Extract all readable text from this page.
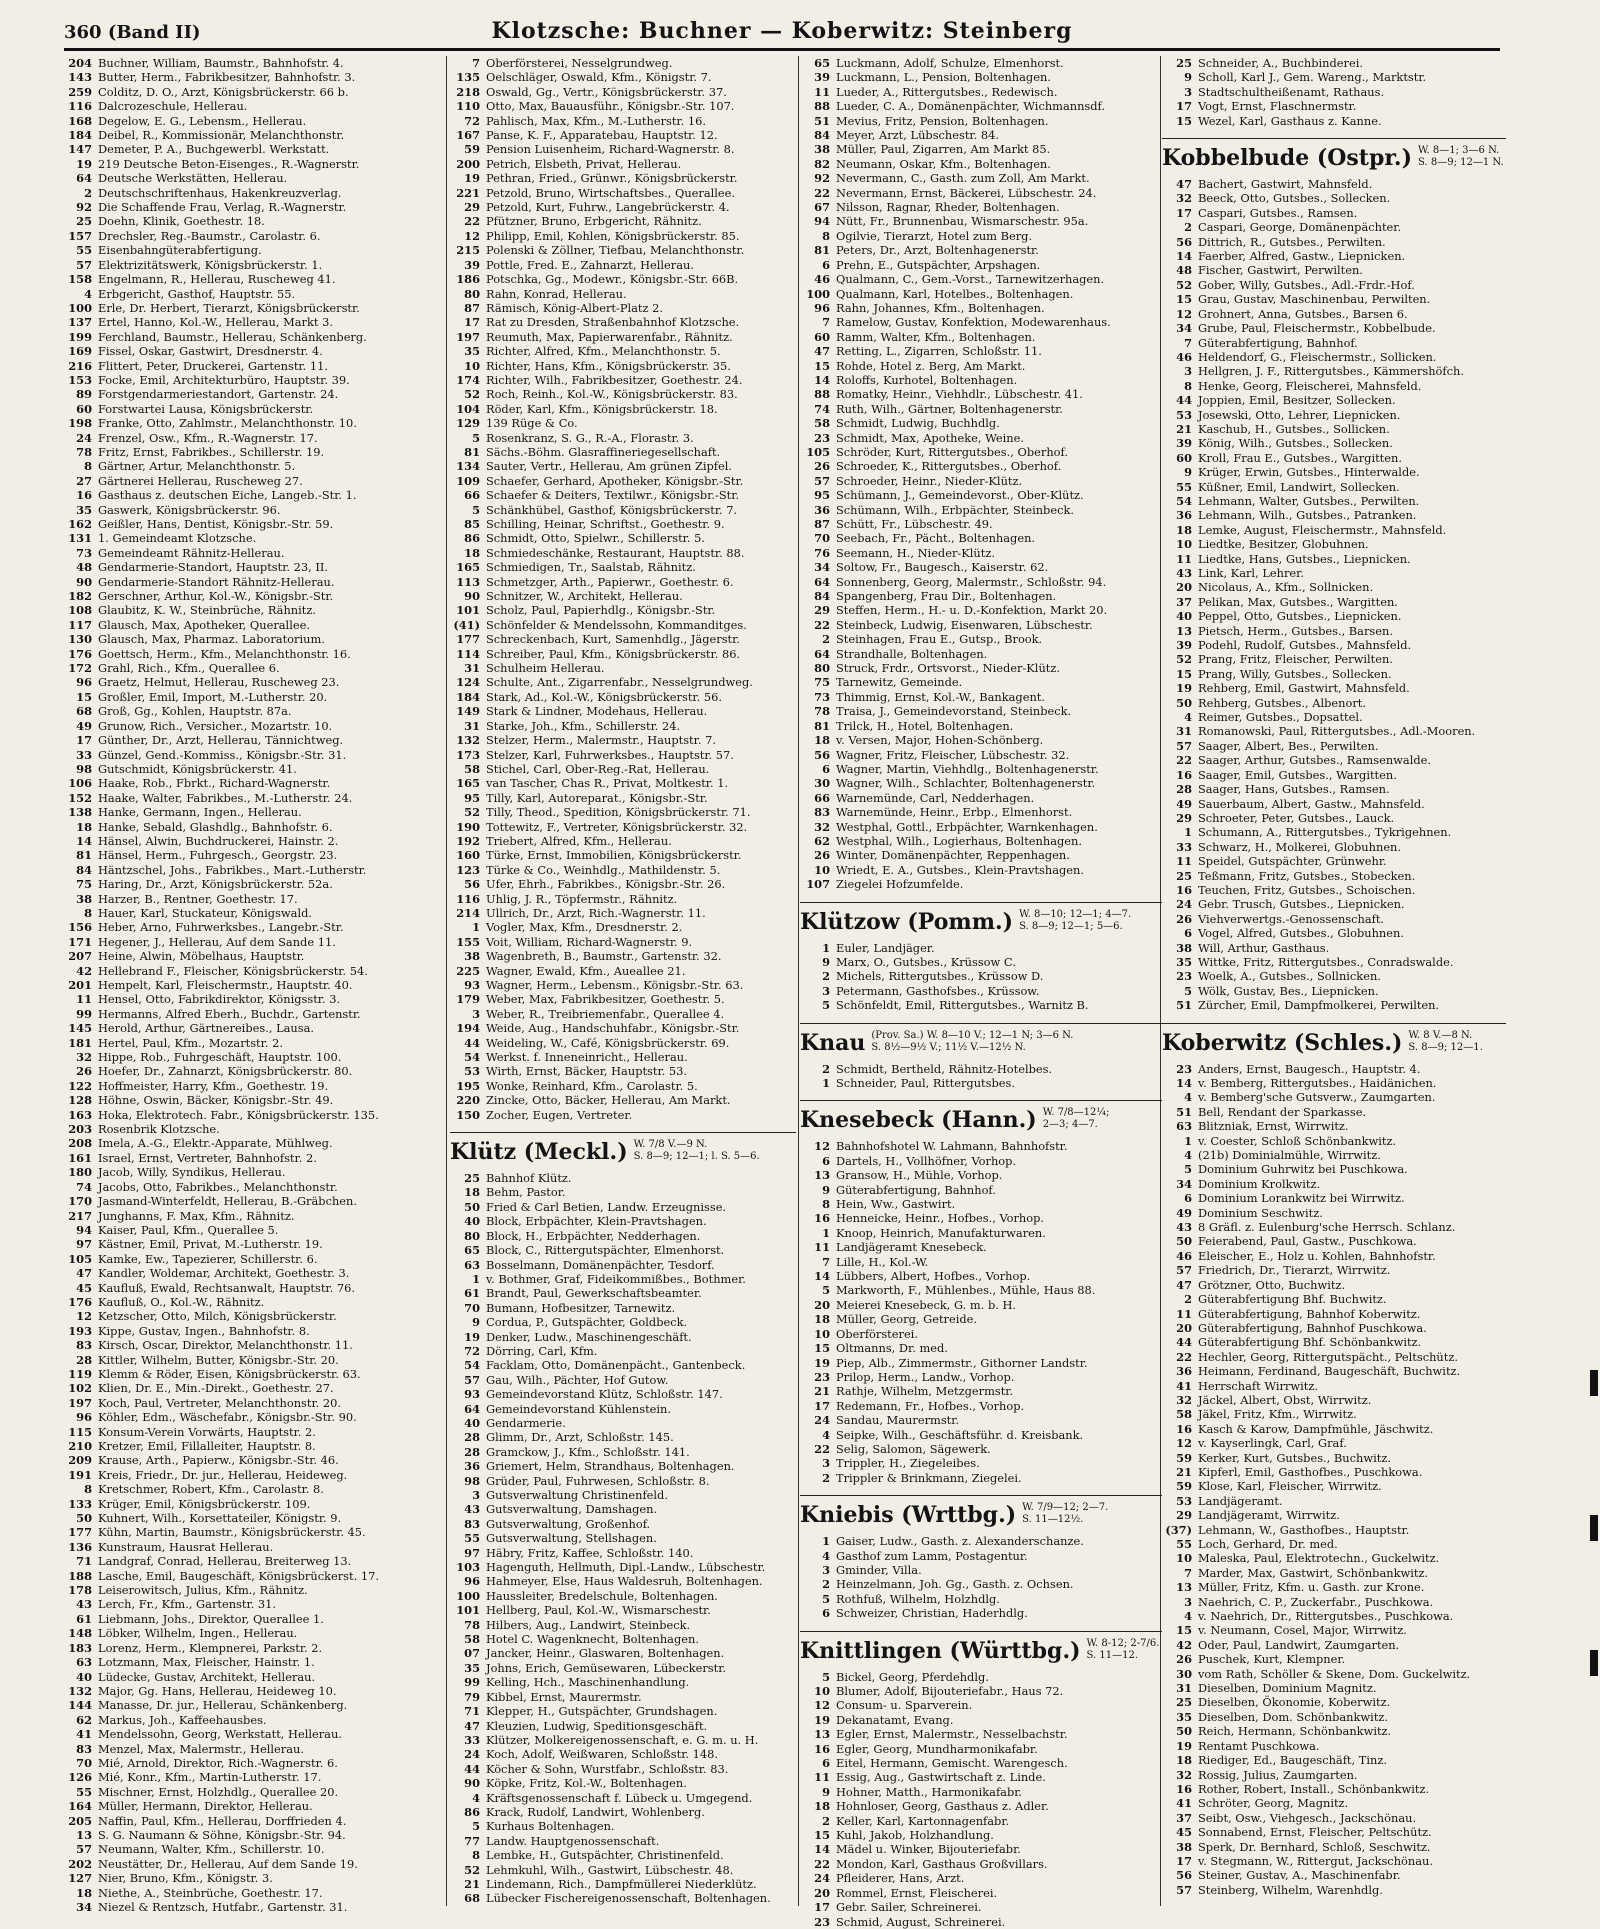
360 (Band II)	Klotzsche: Buchner — Koberwitz: Steinberg
204 Buchner, William, Baumstr., Bahnhofstr. 4.
143 Butter, Herm., Fabrikbesitzer, Bahnhofstr. 3.
259 Colditz, D. O., Arzt, Königsbrückerstr. 66 b.
116 Dalcrozeschule, Hellerau.
168 Degelow, E. G., Lebensm., Hellerau.
184 Deibel, R., Kommissionär, Melanchthonstr.
147 Demeter, P. A., Buchgewerbl. Werkstatt.
19 219 Deutsche Beton-Eisenges., R.-Wagnerstr.
64 Deutsche Werkstätten, Hellerau.
2 Deutschschriftenhaus, Hakenkreuzverlag.
92 Die Schaffende Frau, Verlag, R.-Wagnerstr.
25 Doehn, Klinik, Goethestr. 18.
157 Drechsler, Reg.-Baumstr., Carolastr. 6.
55 Eisenbahngüterabfertigung.
57 Elektrizitätswerk, Königsbrückerstr. 1.
158 Engelmann, R., Hellerau, Ruscheweg 41.
4 Erbgericht, Gasthof, Hauptstr. 55.
100 Erle, Dr. Herbert, Tierarzt, Königsbrückerstr.
137 Ertel, Hanno, Kol.-W., Hellerau, Markt 3.
199 Ferchland, Baumstr., Hellerau, Schänkenberg.
169 Fissel, Oskar, Gastwirt, Dresdnerstr. 4.
216 Flittert, Peter, Druckerei, Gartenstr. 11.
153 Focke, Emil, Architekturbüro, Hauptstr. 39.
89 Forstgendarmeriestandort, Gartenstr. 24.
60 Forstwartei Lausa, Königsbrückerstr.
198 Franke, Otto, Zahlmstr., Melanchthonstr. 10.
24 Frenzel, Osw., Kfm., R.-Wagnerstr. 17.
78 Fritz, Ernst, Fabrikbes., Schillerstr. 19.
8 Gärtner, Artur, Melanchthonstr. 5.
27 Gärtnerei Hellerau, Ruscheweg 27.
16 Gasthaus z. deutschen Eiche, Langeb.-Str. 1.
35 Gaswerk, Königsbrückerstr. 96.
162 Geißler, Hans, Dentist, Königsbr.-Str. 59.
131 1. Gemeindeamt Klotzsche.
73 Gemeindeamt Rähnitz-Hellerau.
48 Gendarmerie-Standort, Hauptstr. 23, II.
90 Gendarmerie-Standort Rähnitz-Hellerau.
182 Gerschner, Arthur, Kol.-W., Königsbr.-Str.
108 Glaubitz, K. W., Steinbrüche, Rähnitz.
117 Glausch, Max, Apotheker, Querallee.
130 Glausch, Max, Pharmaz. Laboratorium.
176 Goettsch, Herm., Kfm., Melanchthonstr. 16.
172 Grahl, Rich., Kfm., Querallee 6.
96 Graetz, Helmut, Hellerau, Ruscheweg 23.
15 Großler, Emil, Import, M.-Lutherstr. 20.
68 Groß, Gg., Kohlen, Hauptstr. 87a.
49 Grunow, Rich., Versicher., Mozartstr. 10.
17 Günther, Dr., Arzt, Hellerau, Tännichtweg.
33 Günzel, Gend.-Kommiss., Königsbr.-Str. 31.
98 Gutschmidt, Königsbrückerstr. 41.
106 Haake, Rob., Fbrkt., Richard-Wagnerstr.
152 Haake, Walter, Fabrikbes., M.-Lutherstr. 24.
138 Hanke, Germann, Ingen., Hellerau.
18 Hanke, Sebald, Glashdlg., Bahnhofstr. 6.
14 Hänsel, Alwin, Buchdruckerei, Hainstr. 2.
81 Hänsel, Herm., Fuhrgesch., Georgstr. 23.
84 Häntzschel, Johs., Fabrikbes., Mart.-Lutherstr.
75 Haring, Dr., Arzt, Königsbrückerstr. 52a.
38 Harzer, B., Rentner, Goethestr. 17.
8 Hauer, Karl, Stuckateur, Königswald.
156 Heber, Arno, Fuhrwerksbes., Langebr.-Str.
171 Hegener, J., Hellerau, Auf dem Sande 11.
207 Heine, Alwin, Möbelhaus, Hauptstr.
42 Hellebrand F., Fleischer, Königsbrückerstr. 54.
201 Hempelt, Karl, Fleischermstr., Hauptstr. 40.
11 Hensel, Otto, Fabrikdirektor, Königsstr. 3.
99 Hermanns, Alfred Eberh., Buchdr., Gartenstr.
145 Herold, Arthur, Gärtnereibes., Lausa.
181 Hertel, Paul, Kfm., Mozartstr. 2.
32 Hippe, Rob., Fuhrgeschäft, Hauptstr. 100.
26 Hoefer, Dr., Zahnarzt, Königsbrückerstr. 80.
122 Hoffmeister, Harry, Kfm., Goethestr. 19.
128 Höhne, Oswin, Bäcker, Königsbr.-Str. 49.
163 Hoka, Elektrotech. Fabr., Königsbrückerstr. 135.
203 Rosenbrik Klotzsche.
208 Imela, A.-G., Elektr.-Apparate, Mühlweg.
161 Israel, Ernst, Vertreter, Bahnhofstr. 2.
180 Jacob, Willy, Syndikus, Hellerau.
74 Jacobs, Otto, Fabrikbes., Melanchthonstr.
170 Jasmand-Winterfeldt, Hellerau, B.-Gräbchen.
217 Junghanns, F. Max, Kfm., Rähnitz.
94 Kaiser, Paul, Kfm., Querallee 5.
97 Kästner, Emil, Privat, M.-Lutherstr. 19.
105 Kamke, Ew., Tapezierer, Schillerstr. 6.
47 Kandler, Woldemar, Architekt, Goethestr. 3.
45 Kaufluß, Ewald, Rechtsanwalt, Hauptstr. 76.
176 Kaufluß, O., Kol.-W., Rähnitz.
12 Ketzscher, Otto, Milch, Königsbrückerstr.
193 Kippe, Gustav, Ingen., Bahnhofstr. 8.
83 Kirsch, Oscar, Direktor, Melanchthonstr. 11.
28 Kittler, Wilhelm, Butter, Königsbr.-Str. 20.
119 Klemm & Röder, Eisen, Königsbrückerstr. 63.
102 Klien, Dr. E., Min.-Direkt., Goethestr. 27.
197 Koch, Paul, Vertreter, Melanchthonstr. 20.
96 Köhler, Edm., Wäschefabr., Königsbr.-Str. 90.
115 Konsum-Verein Vorwärts, Hauptstr. 2.
210 Kretzer, Emil, Fillalleiter, Hauptstr. 8.
209 Krause, Arth., Papierw., Königsbr.-Str. 46.
191 Kreis, Friedr., Dr. jur., Hellerau, Heideweg.
8 Kretschmer, Robert, Kfm., Carolastr. 8.
133 Krüger, Emil, Königsbrückerstr. 109.
50 Kuhnert, Wilh., Korsettateiler, Königstr. 9.
177 Kühn, Martin, Baumstr., Königsbrückerstr. 45.
136 Kunstraum, Hausrat Hellerau.
71 Landgraf, Conrad, Hellerau, Breiterweg 13.
188 Lasche, Emil, Baugeschäft, Königsbrückerst. 17.
178 Leiserowitsch, Julius, Kfm., Rähnitz.
43 Lerch, Fr., Kfm., Gartenstr. 31.
61 Liebmann, Johs., Direktor, Querallee 1.
148 Löbker, Wilhelm, Ingen., Hellerau.
183 Lorenz, Herm., Klempnerei, Parkstr. 2.
63 Lotzmann, Max, Fleischer, Hainstr. 1.
40 Lüdecke, Gustav, Architekt, Hellerau.
132 Major, Gg. Hans, Hellerau, Heideweg 10.
144 Manasse, Dr. jur., Hellerau, Schänkenberg.
62 Markus, Joh., Kaffeehausbes.
41 Mendelssohn, Georg, Werkstatt, Hellerau.
83 Menzel, Max, Malermstr., Hellerau.
70 Mié, Arnold, Direktor, Rich.-Wagnerstr. 6.
126 Mié, Konr., Kfm., Martin-Lutherstr. 17.
55 Mischner, Ernst, Holzhdlg., Querallee 20.
164 Müller, Hermann, Direktor, Hellerau.
205 Naffin, Paul, Kfm., Hellerau, Dorffrieden 4.
13 S. G. Naumann & Söhne, Königsbr.-Str. 94.
57 Neumann, Walter, Kfm., Schillerstr. 10.
202 Neustätter, Dr., Hellerau, Auf dem Sande 19.
127 Nier, Bruno, Kfm., Königstr. 3.
18 Niethe, A., Steinbrüche, Goethestr. 17.
34 Niezel & Rentzsch, Hutfabr., Gartenstr. 31.
7 Oberförsterei, Nesselgrundweg.
135 Oelschläger, Oswald, Kfm., Königstr. 7.
218 Oswald, Gg., Vertr., Königsbrückerstr. 37.
110 Otto, Max, Bauausführ., Königsbr.-Str. 107.
72 Pahlisch, Max, Kfm., M.-Lutherstr. 16.
167 Panse, K. F., Apparatebau, Hauptstr. 12.
59 Pension Luisenheim, Richard-Wagnerstr. 8.
200 Petrich, Elsbeth, Privat, Hellerau.
19 Pethran, Fried., Grünwr., Königsbrückerstr.
221 Petzold, Bruno, Wirtschaftsbes., Querallee.
29 Petzold, Kurt, Fuhrw., Langebrückerstr. 4.
22 Pfützner, Bruno, Erbgericht, Rähnitz.
12 Philipp, Emil, Kohlen, Königsbrückerstr. 85.
215 Polenski & Zöllner, Tiefbau, Melanchthonstr.
39 Pottle, Fred. E., Zahnarzt, Hellerau.
186 Potschka, Gg., Modewr., Königsbr.-Str. 66B.
80 Rahn, Konrad, Hellerau.
87 Rämisch, König-Albert-Platz 2.
17 Rat zu Dresden, Straßenbahnhof Klotzsche.
197 Reumuth, Max, Papierwarenfabr., Rähnitz.
35 Richter, Alfred, Kfm., Melanchthonstr. 5.
10 Richter, Hans, Kfm., Königsbrückerstr. 35.
174 Richter, Wilh., Fabrikbesitzer, Goethestr. 24.
52 Roch, Reinh., Kol.-W., Königsbrückerstr. 83.
104 Röder, Karl, Kfm., Königsbrückerstr. 18.
129 139 Rüge & Co.
5 Rosenkranz, S. G., R.-A., Florastr. 3.
81 Sächs.-Böhm. Glasraffineriegesellschaft.
134 Sauter, Vertr., Hellerau, Am grünen Zipfel.
109 Schaefer, Gerhard, Apotheker, Königsbr.-Str.
66 Schaefer & Deiters, Textilwr., Königsbr.-Str.
5 Schänkhübel, Gasthof, Königsbrückerstr. 7.
85 Schilling, Heinar, Schriftst., Goethestr. 9.
86 Schmidt, Otto, Spielwr., Schillerstr. 5.
18 Schmiedeschänke, Restaurant, Hauptstr. 88.
165 Schmiedigen, Tr., Saalstab, Rähnitz.
113 Schmetzger, Arth., Papierwr., Goethestr. 6.
90 Schnitzer, W., Architekt, Hellerau.
101 Scholz, Paul, Papierhdlg., Königsbr.-Str.
(41) Schönfelder & Mendelssohn, Kommanditges.
177 Schreckenbach, Kurt, Samenhdlg., Jägerstr.
114 Schreiber, Paul, Kfm., Königsbrückerstr. 86.
31 Schulheim Hellerau.
124 Schulte, Ant., Zigarrenfabr., Nesselgrundweg.
184 Stark, Ad., Kol.-W., Königsbrückerstr. 56.
149 Stark & Lindner, Modehaus, Hellerau.
31 Starke, Joh., Kfm., Schillerstr. 24.
132 Stelzer, Herm., Malermstr., Hauptstr. 7.
173 Stelzer, Karl, Fuhrwerksbes., Hauptstr. 57.
58 Stichel, Carl, Ober-Reg.-Rat, Hellerau.
165 van Tascher, Chas R., Privat, Moltkestr. 1.
95 Tilly, Karl, Autoreparat., Königsbr.-Str.
52 Tilly, Theod., Spedition, Königsbrückerstr. 71.
190 Tottewitz, F., Vertreter, Königsbrückerstr. 32.
192 Triebert, Alfred, Kfm., Hellerau.
160 Türke, Ernst, Immobilien, Königsbrückerstr.
123 Türke & Co., Weinhdlg., Mathildenstr. 5.
56 Ufer, Ehrh., Fabrikbes., Königsbr.-Str. 26.
116 Uhlig, J. R., Töpfermstr., Rähnitz.
214 Ullrich, Dr., Arzt, Rich.-Wagnerstr. 11.
1 Vogler, Max, Kfm., Dresdnerstr. 2.
155 Voit, William, Richard-Wagnerstr. 9.
38 Wagenbreth, B., Baumstr., Gartenstr. 32.
225 Wagner, Ewald, Kfm., Aueallee 21.
93 Wagner, Herm., Lebensm., Königsbr.-Str. 63.
179 Weber, Max, Fabrikbesitzer, Goethestr. 5.
3 Weber, R., Treibriemenfabr., Querallee 4.
194 Weide, Aug., Handschuhfabr., Königsbr.-Str.
44 Weideling, W., Café, Königsbrückerstr. 69.
54 Werkst. f. Inneneinricht., Hellerau.
53 Wirth, Ernst, Bäcker, Hauptstr. 53.
195 Wonke, Reinhard, Kfm., Carolastr. 5.
220 Zincke, Otto, Bäcker, Hellerau, Am Markt.
150 Zocher, Eugen, Vertreter.
Klütz (Meckl.) W. 7/8 V.—9 N.
S. 8—9; 12—1; l. S. 5—6.
25 Bahnhof Klütz.
18 Behm, Pastor.
50 Fried & Carl Betien, Landw. Erzeugnisse.
40 Block, Erbpächter, Klein-Pravtshagen.
80 Block, H., Erbpächter, Nedderhagen.
65 Block, C., Rittergutspächter, Elmenhorst.
63 Bosselmann, Domänenpächter, Tesdorf.
1 v. Bothmer, Graf, Fideikommißbes., Bothmer.
61 Brandt, Paul, Gewerkschaftsbeamter.
70 Bumann, Hofbesitzer, Tarnewitz.
9 Cordua, P., Gutspächter, Goldbeck.
19 Denker, Ludw., Maschinengeschäft.
72 Dörring, Carl, Kfm.
54 Facklam, Otto, Domänenpächt., Gantenbeck.
57 Gau, Wilh., Pächter, Hof Gutow.
93 Gemeindevorstand Klütz, Schloßstr. 147.
64 Gemeindevorstand Kühlenstein.
40 Gendarmerie.
28 Glimm, Dr., Arzt, Schloßstr. 145.
28 Gramckow, J., Kfm., Schloßstr. 141.
36 Griemert, Helm, Strandhaus, Boltenhagen.
98 Grüder, Paul, Fuhrwesen, Schloßstr. 8.
3 Gutsverwaltung Christinenfeld.
43 Gutsverwaltung, Damshagen.
83 Gutsverwaltung, Großenhof.
55 Gutsverwaltung, Stellshagen.
97 Häbry, Fritz, Kaffee, Schloßstr. 140.
103 Hagenguth, Hellmuth, Dipl.-Landw., Lübschestr.
96 Hahmeyer, Else, Haus Waldesruh, Boltenhagen.
100 Haussleiter, Bredelschule, Boltenhagen.
101 Hellberg, Paul, Kol.-W., Wismarschestr.
78 Hilbers, Aug., Landwirt, Steinbeck.
58 Hotel C. Wagenknecht, Boltenhagen.
07 Jancker, Heinr., Glaswaren, Boltenhagen.
35 Johns, Erich, Gemüsewaren, Lübeckerstr.
99 Kelling, Hch., Maschinenhandlung.
79 Kibbel, Ernst, Maurermstr.
71 Klepper, H., Gutspächter, Grundshagen.
47 Kleuzien, Ludwig, Speditionsgeschäft.
33 Klützer, Molkereigenossenschaft, e. G. m. u. H.
24 Koch, Adolf, Weißwaren, Schloßstr. 148.
44 Köcher & Sohn, Wurstfabr., Schloßstr. 83.
90 Köpke, Fritz, Kol.-W., Boltenhagen.
4 Kräftsgenossenschaft f. Lübeck u. Umgegend.
86 Krack, Rudolf, Landwirt, Wohlenberg.
5 Kurhaus Boltenhagen.
77 Landw. Hauptgenossenschaft.
8 Lembke, H., Gutspächter, Christinenfeld.
52 Lehmkuhl, Wilh., Gastwirt, Lübschestr. 48.
21 Lindemann, Rich., Dampfmüllerei Niederklütz.
68 Lübecker Fischereigenossenschaft, Boltenhagen.
65 Luckmann, Adolf, Schulze, Elmenhorst.
39 Luckmann, L., Pension, Boltenhagen.
11 Lueder, A., Rittergutsbes., Redewisch.
88 Lueder, C. A., Domänenpächter, Wichmannsdf.
51 Mevius, Fritz, Pension, Boltenhagen.
84 Meyer, Arzt, Lübschestr. 84.
38 Müller, Paul, Zigarren, Am Markt 85.
82 Neumann, Oskar, Kfm., Boltenhagen.
92 Nevermann, C., Gasth. zum Zoll, Am Markt.
22 Nevermann, Ernst, Bäckerei, Lübschestr. 24.
67 Nilsson, Ragnar, Rheder, Boltenhagen.
94 Nütt, Fr., Brunnenbau, Wismarschestr. 95a.
8 Ogilvie, Tierarzt, Hotel zum Berg.
81 Peters, Dr., Arzt, Boltenhagenerstr.
6 Prehn, E., Gutspächter, Arpshagen.
46 Qualmann, C., Gem.-Vorst., Tarnewitzerhagen.
100 Qualmann, Karl, Hotelbes., Boltenhagen.
96 Rahn, Johannes, Kfm., Boltenhagen.
7 Ramelow, Gustav, Konfektion, Modewarenhaus.
60 Ramm, Walter, Kfm., Boltenhagen.
47 Retting, L., Zigarren, Schloßstr. 11.
15 Rohde, Hotel z. Berg, Am Markt.
14 Roloffs, Kurhotel, Boltenhagen.
88 Romatky, Heinr., Viehhdlr., Lübschestr. 41.
74 Ruth, Wilh., Gärtner, Boltenhagenerstr.
58 Schmidt, Ludwig, Buchhdlg.
23 Schmidt, Max, Apotheke, Weine.
105 Schröder, Kurt, Rittergutsbes., Oberhof.
26 Schroeder, K., Rittergutsbes., Oberhof.
57 Schroeder, Heinr., Nieder-Klütz.
95 Schümann, J., Gemeindevorst., Ober-Klütz.
36 Schümann, Wilh., Erbpächter, Steinbeck.
87 Schütt, Fr., Lübschestr. 49.
70 Seebach, Fr., Pächt., Boltenhagen.
76 Seemann, H., Nieder-Klütz.
34 Soltow, Fr., Baugesch., Kaiserstr. 62.
64 Sonnenberg, Georg, Malermstr., Schloßstr. 94.
84 Spangenberg, Frau Dir., Boltenhagen.
29 Steffen, Herm., H.- u. D.-Konfektion, Markt 20.
22 Steinbeck, Ludwig, Eisenwaren, Lübschestr.
2 Steinhagen, Frau E., Gutsp., Brook.
64 Strandhalle, Boltenhagen.
80 Struck, Frdr., Ortsvorst., Nieder-Klütz.
75 Tarnewitz, Gemeinde.
73 Thimmig, Ernst, Kol.-W., Bankagent.
78 Traisa, J., Gemeindevorstand, Steinbeck.
81 Trilck, H., Hotel, Boltenhagen.
18 v. Versen, Major, Hohen-Schönberg.
56 Wagner, Fritz, Fleischer, Lübschestr. 32.
6 Wagner, Martin, Viehhdlg., Boltenhagenerstr.
30 Wagner, Wilh., Schlachter, Boltenhagenerstr.
66 Warnemünde, Carl, Nedderhagen.
83 Warnemünde, Heinr., Erbp., Elmenhorst.
32 Westphal, Gottl., Erbpächter, Warnkenhagen.
62 Westphal, Wilh., Logierhaus, Boltenhagen.
26 Winter, Domänenpächter, Reppenhagen.
10 Wriedt, E. A., Gutsbes., Klein-Pravtshagen.
107 Ziegelei Hofzumfelde.
Klützow (Pomm.) W. 8—10; 12—1; 4—7.
S. 8—9; 12—1; 5—6.
1 Euler, Landjäger.
9 Marx, O., Gutsbes., Krüssow C.
2 Michels, Rittergutsbes., Krüssow D.
3 Petermann, Gasthofsbes., Krüssow.
5 Schönfeldt, Emil, Rittergutsbes., Warnitz B.
Knau (Prov. Sa.) W. 8—10 V.; 12—1 N; 3—6 N.
S. 8½—9½ V.; 11½ V.—12½ N.
2 Schmidt, Bertheld, Rähnitz-Hotelbes.
1 Schneider, Paul, Rittergutsbes.
Knesebeck (Hann.) W. 7/8—12¼;
2—3; 4—7.
12 Bahnhofshotel W. Lahmann, Bahnhofstr.
6 Dartels, H., Vollhöfner, Vorhop.
13 Gransow, H., Mühle, Vorhop.
9 Güterabfertigung, Bahnhof.
8 Hein, Ww., Gastwirt.
16 Henneicke, Heinr., Hofbes., Vorhop.
1 Knoop, Heinrich, Manufakturwaren.
11 Landjägeramt Knesebeck.
7 Lille, H., Kol.-W.
14 Lübbers, Albert, Hofbes., Vorhop.
5 Markworth, F., Mühlenbes., Mühle, Haus 88.
20 Meierei Knesebeck, G. m. b. H.
18 Müller, Georg, Getreide.
10 Oberförsterei.
15 Oltmanns, Dr. med.
19 Piep, Alb., Zimmermstr., Githorner Landstr.
23 Prilop, Herm., Landw., Vorhop.
21 Rathje, Wilhelm, Metzgermstr.
17 Redemann, Fr., Hofbes., Vorhop.
24 Sandau, Maurermstr.
4 Seipke, Wilh., Geschäftsführ. d. Kreisbank.
22 Selig, Salomon, Sägewerk.
3 Trippler, H., Ziegeleibes.
2 Trippler & Brinkmann, Ziegelei.
Kniebis (Wrttbg.) W. 7/9—12; 2—7.
S. 11—12½.
1 Gaiser, Ludw., Gasth. z. Alexanderschanze.
4 Gasthof zum Lamm, Postagentur.
3 Gminder, Villa.
2 Heinzelmann, Joh. Gg., Gasth. z. Ochsen.
5 Rothfuß, Wilhelm, Holzhdlg.
6 Schweizer, Christian, Haderhdlg.
Knittlingen (Württbg.) W. 8-12; 2-7/6.
S. 11—12.
5 Bickel, Georg, Pferdehdlg.
10 Blumer, Adolf, Bijouteriefabr., Haus 72.
12 Consum- u. Sparverein.
19 Dekanatamt, Evang.
13 Egler, Ernst, Malermstr., Nesselbachstr.
16 Egler, Georg, Mundharmonikafabr.
6 Eitel, Hermann, Gemischt. Warengesch.
11 Essig, Aug., Gastwirtschaft z. Linde.
9 Hohner, Matth., Harmonikafabr.
18 Hohnloser, Georg, Gasthaus z. Adler.
2 Keller, Karl, Kartonnagenfabr.
15 Kuhl, Jakob, Holzhandlung.
14 Mädel u. Winker, Bijouteriefabr.
22 Mondon, Karl, Gasthaus Großvillars.
24 Pfleiderer, Hans, Arzt.
20 Rommel, Ernst, Fleischerei.
17 Gebr. Sailer, Schreinerei.
23 Schmid, August, Schreinerei.
25 Schneider, A., Buchbinderei.
9 Scholl, Karl J., Gem. Wareng., Marktstr.
3 Stadtschultheißenamt, Rathaus.
17 Vogt, Ernst, Flaschnermstr.
15 Wezel, Karl, Gasthaus z. Kanne.
Kobbelbude (Ostpr.) W. 8—1; 3—6 N.
S. 8—9; 12—1 N.
47 Bachert, Gastwirt, Mahnsfeld.
32 Beeck, Otto, Gutsbes., Sollecken.
17 Caspari, Gutsbes., Ramsen.
2 Caspari, George, Domänenpächter.
56 Dittrich, R., Gutsbes., Perwilten.
14 Faerber, Alfred, Gastw., Liepnicken.
48 Fischer, Gastwirt, Perwilten.
52 Gober, Willy, Gutsbes., Adl.-Frdr.-Hof.
15 Grau, Gustav, Maschinenbau, Perwilten.
12 Grohnert, Anna, Gutsbes., Barsen 6.
34 Grube, Paul, Fleischermstr., Kobbelbude.
7 Güterabfertigung, Bahnhof.
46 Heldendorf, G., Fleischermstr., Sollicken.
3 Hellgren, J. F., Rittergutsbes., Kämmershöfch.
8 Henke, Georg, Fleischerei, Mahnsfeld.
44 Joppien, Emil, Besitzer, Sollecken.
53 Josewski, Otto, Lehrer, Liepnicken.
21 Kaschub, H., Gutsbes., Sollicken.
39 König, Wilh., Gutsbes., Sollecken.
60 Kroll, Frau E., Gutsbes., Wargitten.
9 Krüger, Erwin, Gutsbes., Hinterwalde.
55 Küßner, Emil, Landwirt, Sollecken.
54 Lehmann, Walter, Gutsbes., Perwilten.
36 Lehmann, Wilh., Gutsbes., Patranken.
18 Lemke, August, Fleischermstr., Mahnsfeld.
10 Liedtke, Besitzer, Globuhnen.
11 Liedtke, Hans, Gutsbes., Liepnicken.
43 Link, Karl, Lehrer.
20 Nicolaus, A., Kfm., Sollnicken.
37 Pelikan, Max, Gutsbes., Wargitten.
40 Peppel, Otto, Gutsbes., Liepnicken.
13 Pietsch, Herm., Gutsbes., Barsen.
39 Podehl, Rudolf, Gutsbes., Mahnsfeld.
52 Prang, Fritz, Fleischer, Perwilten.
15 Prang, Willy, Gutsbes., Sollecken.
19 Rehberg, Emil, Gastwirt, Mahnsfeld.
50 Rehberg, Gutsbes., Albenort.
4 Reimer, Gutsbes., Dopsattel.
31 Romanowski, Paul, Rittergutsbes., Adl.-Mooren.
57 Saager, Albert, Bes., Perwilten.
22 Saager, Arthur, Gutsbes., Ramsenwalde.
16 Saager, Emil, Gutsbes., Wargitten.
28 Saager, Hans, Gutsbes., Ramsen.
49 Sauerbaum, Albert, Gastw., Mahnsfeld.
29 Schroeter, Peter, Gutsbes., Lauck.
1 Schumann, A., Rittergutsbes., Tykrigehnen.
33 Schwarz, H., Molkerei, Globuhnen.
11 Speidel, Gutspächter, Grünwehr.
25 Teßmann, Fritz, Gutsbes., Stobecken.
16 Teuchen, Fritz, Gutsbes., Schoischen.
24 Gebr. Trusch, Gutsbes., Liepnicken.
26 Viehverwertgs.-Genossenschaft.
6 Vogel, Alfred, Gutsbes., Globuhnen.
38 Will, Arthur, Gasthaus.
35 Wittke, Fritz, Rittergutsbes., Conradswalde.
23 Woelk, A., Gutsbes., Sollnicken.
5 Wölk, Gustav, Bes., Liepnicken.
51 Zürcher, Emil, Dampfmolkerei, Perwilten.
Koberwitz (Schles.) W. 8 V.—8 N.
S. 8—9; 12—1.
23 Anders, Ernst, Baugesch., Hauptstr. 4.
14 v. Bemberg, Rittergutsbes., Haidänichen.
4 v. Bemberg'sche Gutsverw., Zaumgarten.
51 Bell, Rendant der Sparkasse.
63 Blitzniak, Ernst, Wirrwitz.
1 v. Coester, Schloß Schönbankwitz.
4 (21b) Dominialmühle, Wirrwitz.
5 Dominium Guhrwitz bei Puschkowa.
34 Dominium Krolkwitz.
6 Dominium Lorankwitz bei Wirrwitz.
49 Dominium Seschwitz.
43 8 Gräfl. z. Eulenburg'sche Herrsch. Schlanz.
50 Feierabend, Paul, Gastw., Puschkowa.
46 Eleischer, E., Holz u. Kohlen, Bahnhofstr.
57 Friedrich, Dr., Tierarzt, Wirrwitz.
47 Grötzner, Otto, Buchwitz.
2 Güterabfertigung Bhf. Buchwitz.
11 Güterabfertigung, Bahnhof Koberwitz.
20 Güterabfertigung, Bahnhof Puschkowa.
44 Güterabfertigung Bhf. Schönbankwitz.
22 Hechler, Georg, Rittergutspächt., Peltschütz.
36 Heimann, Ferdinand, Baugeschäft, Buchwitz.
41 Herrschaft Wirrwitz.
32 Jäckel, Albert, Obst, Wirrwitz.
58 Jäkel, Fritz, Kfm., Wirrwitz.
16 Kasch & Karow, Dampfmühle, Jäschwitz.
12 v. Kayserlingk, Carl, Graf.
59 Kerker, Kurt, Gutsbes., Buchwitz.
21 Kipferl, Emil, Gasthofbes., Puschkowa.
59 Klose, Karl, Fleischer, Wirrwitz.
53 Landjägeramt.
29 Landjägeramt, Wirrwitz.
(37) Lehmann, W., Gasthofbes., Hauptstr.
55 Loch, Gerhard, Dr. med.
10 Maleska, Paul, Elektrotechn., Guckelwitz.
7 Marder, Max, Gastwirt, Schönbankwitz.
13 Müller, Fritz, Kfm. u. Gasth. zur Krone.
3 Naehrich, C. P., Zuckerfabr., Puschkowa.
4 v. Naehrich, Dr., Rittergutsbes., Puschkowa.
15 v. Neumann, Cosel, Major, Wirrwitz.
42 Oder, Paul, Landwirt, Zaumgarten.
26 Puschek, Kurt, Klempner.
30 vom Rath, Schöller & Skene, Dom. Guckelwitz.
31 Dieselben, Dominium Magnitz.
25 Dieselben, Ökonomie, Koberwitz.
35 Dieselben, Dom. Schönbankwitz.
50 Reich, Hermann, Schönbankwitz.
19 Rentamt Puschkowa.
18 Riediger, Ed., Baugeschäft, Tinz.
32 Rossig, Julius, Zaumgarten.
16 Rother, Robert, Install., Schönbankwitz.
41 Schröter, Georg, Magnitz.
37 Seibt, Osw., Viehgesch., Jackschönau.
45 Sonnabend, Ernst, Fleischer, Peltschütz.
38 Sperk, Dr. Bernhard, Schloß, Seschwitz.
17 v. Stegmann, W., Rittergut, Jackschönau.
56 Steiner, Gustav, A., Maschinenfabr.
57 Steinberg, Wilhelm, Warenhdlg.
